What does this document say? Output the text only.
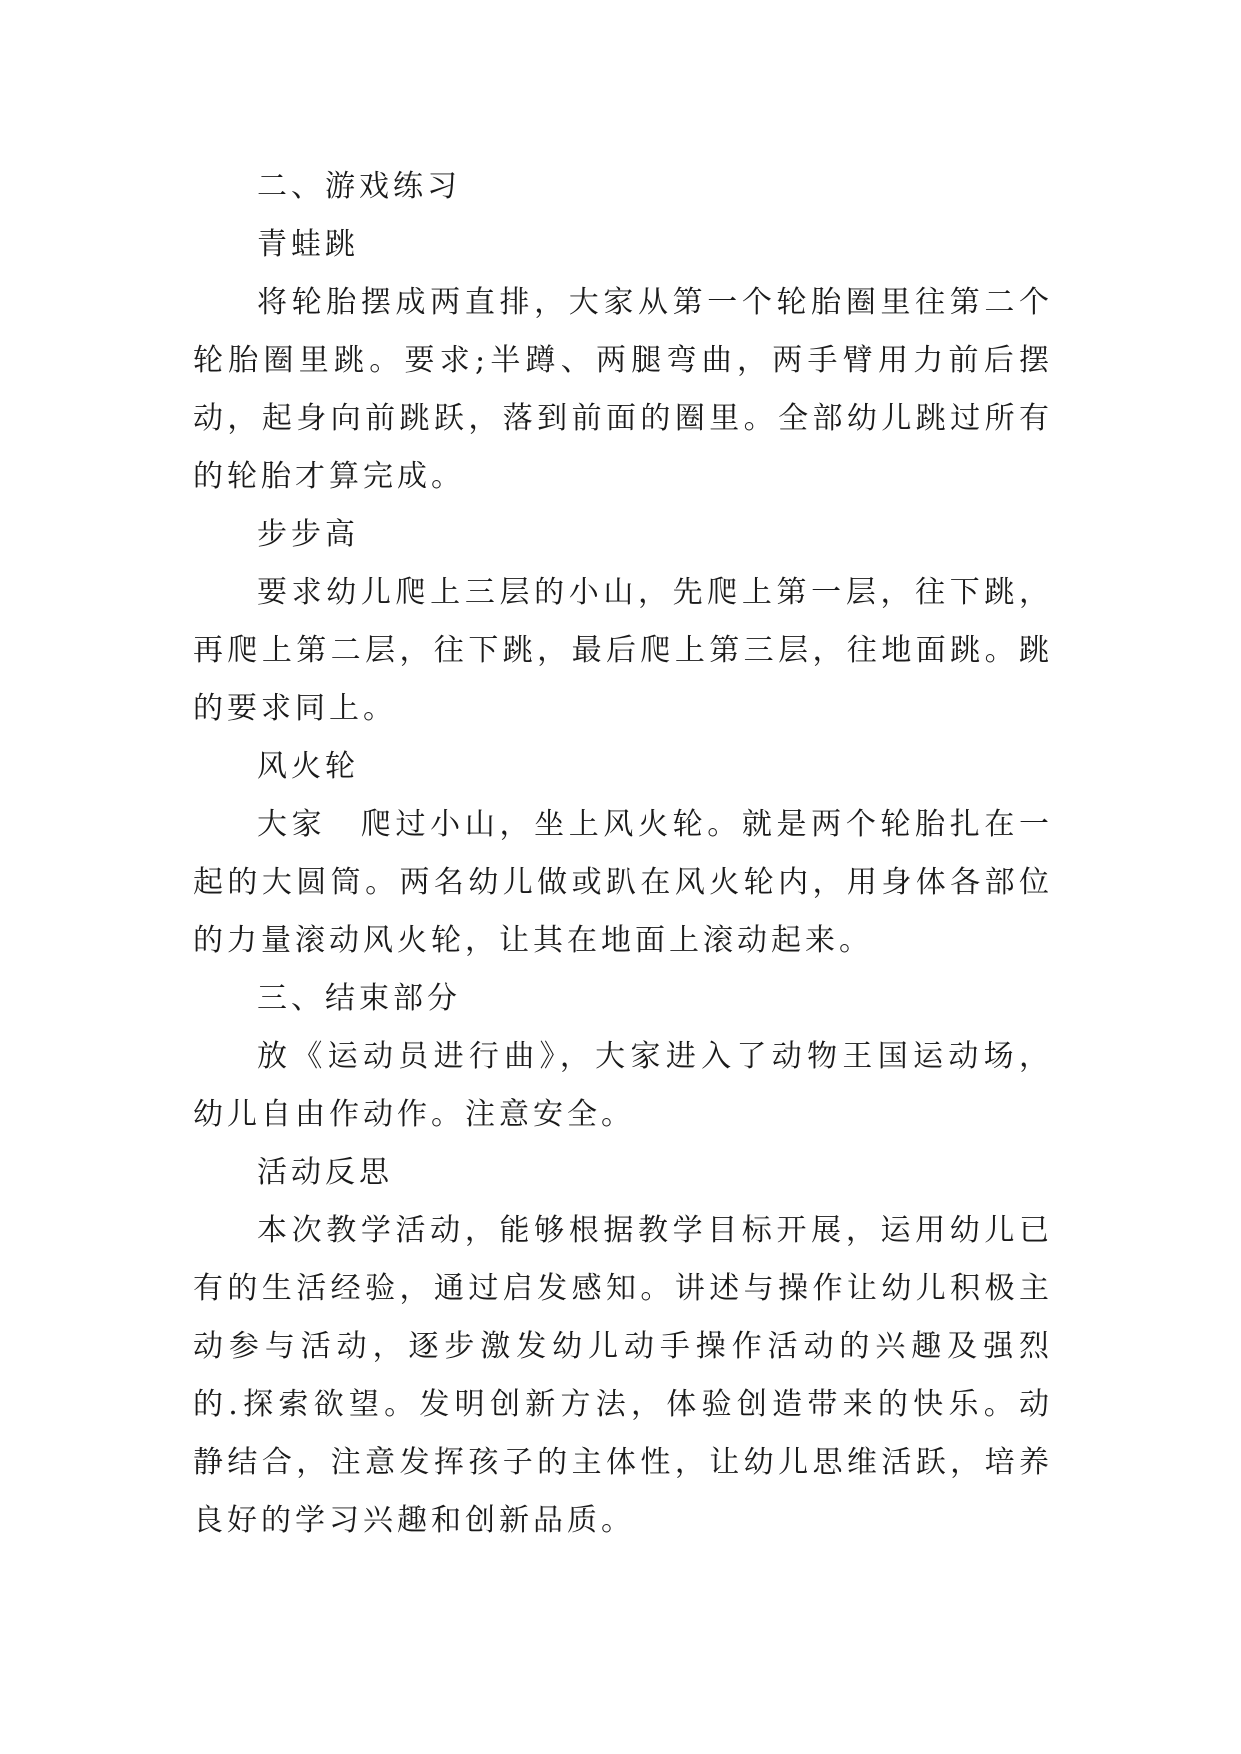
二、游戏练习

青蛙跳

将轮胎摆成两直排，大家从第一个轮胎圈里往第二个轮胎圈里跳。要求;半蹲、两腿弯曲，两手臂用力前后摆动，起身向前跳跃，落到前面的圈里。全部幼儿跳过所有的轮胎才算完成。

步步高

要求幼儿爬上三层的小山，先爬上第一层，往下跳，再爬上第二层，往下跳，最后爬上第三层，往地面跳。跳的要求同上。

风火轮

大家　爬过小山，坐上风火轮。就是两个轮胎扎在一起的大圆筒。两名幼儿做或趴在风火轮内，用身体各部位的力量滚动风火轮，让其在地面上滚动起来。

三、结束部分

放《运动员进行曲》，大家进入了动物王国运动场，幼儿自由作动作。注意安全。

活动反思

本次教学活动，能够根据教学目标开展，运用幼儿已有的生活经验，通过启发感知。讲述与操作让幼儿积极主动参与活动，逐步激发幼儿动手操作活动的兴趣及强烈的.探索欲望。发明创新方法，体验创造带来的快乐。动静结合，注意发挥孩子的主体性，让幼儿思维活跃，培养良好的学习兴趣和创新品质。
